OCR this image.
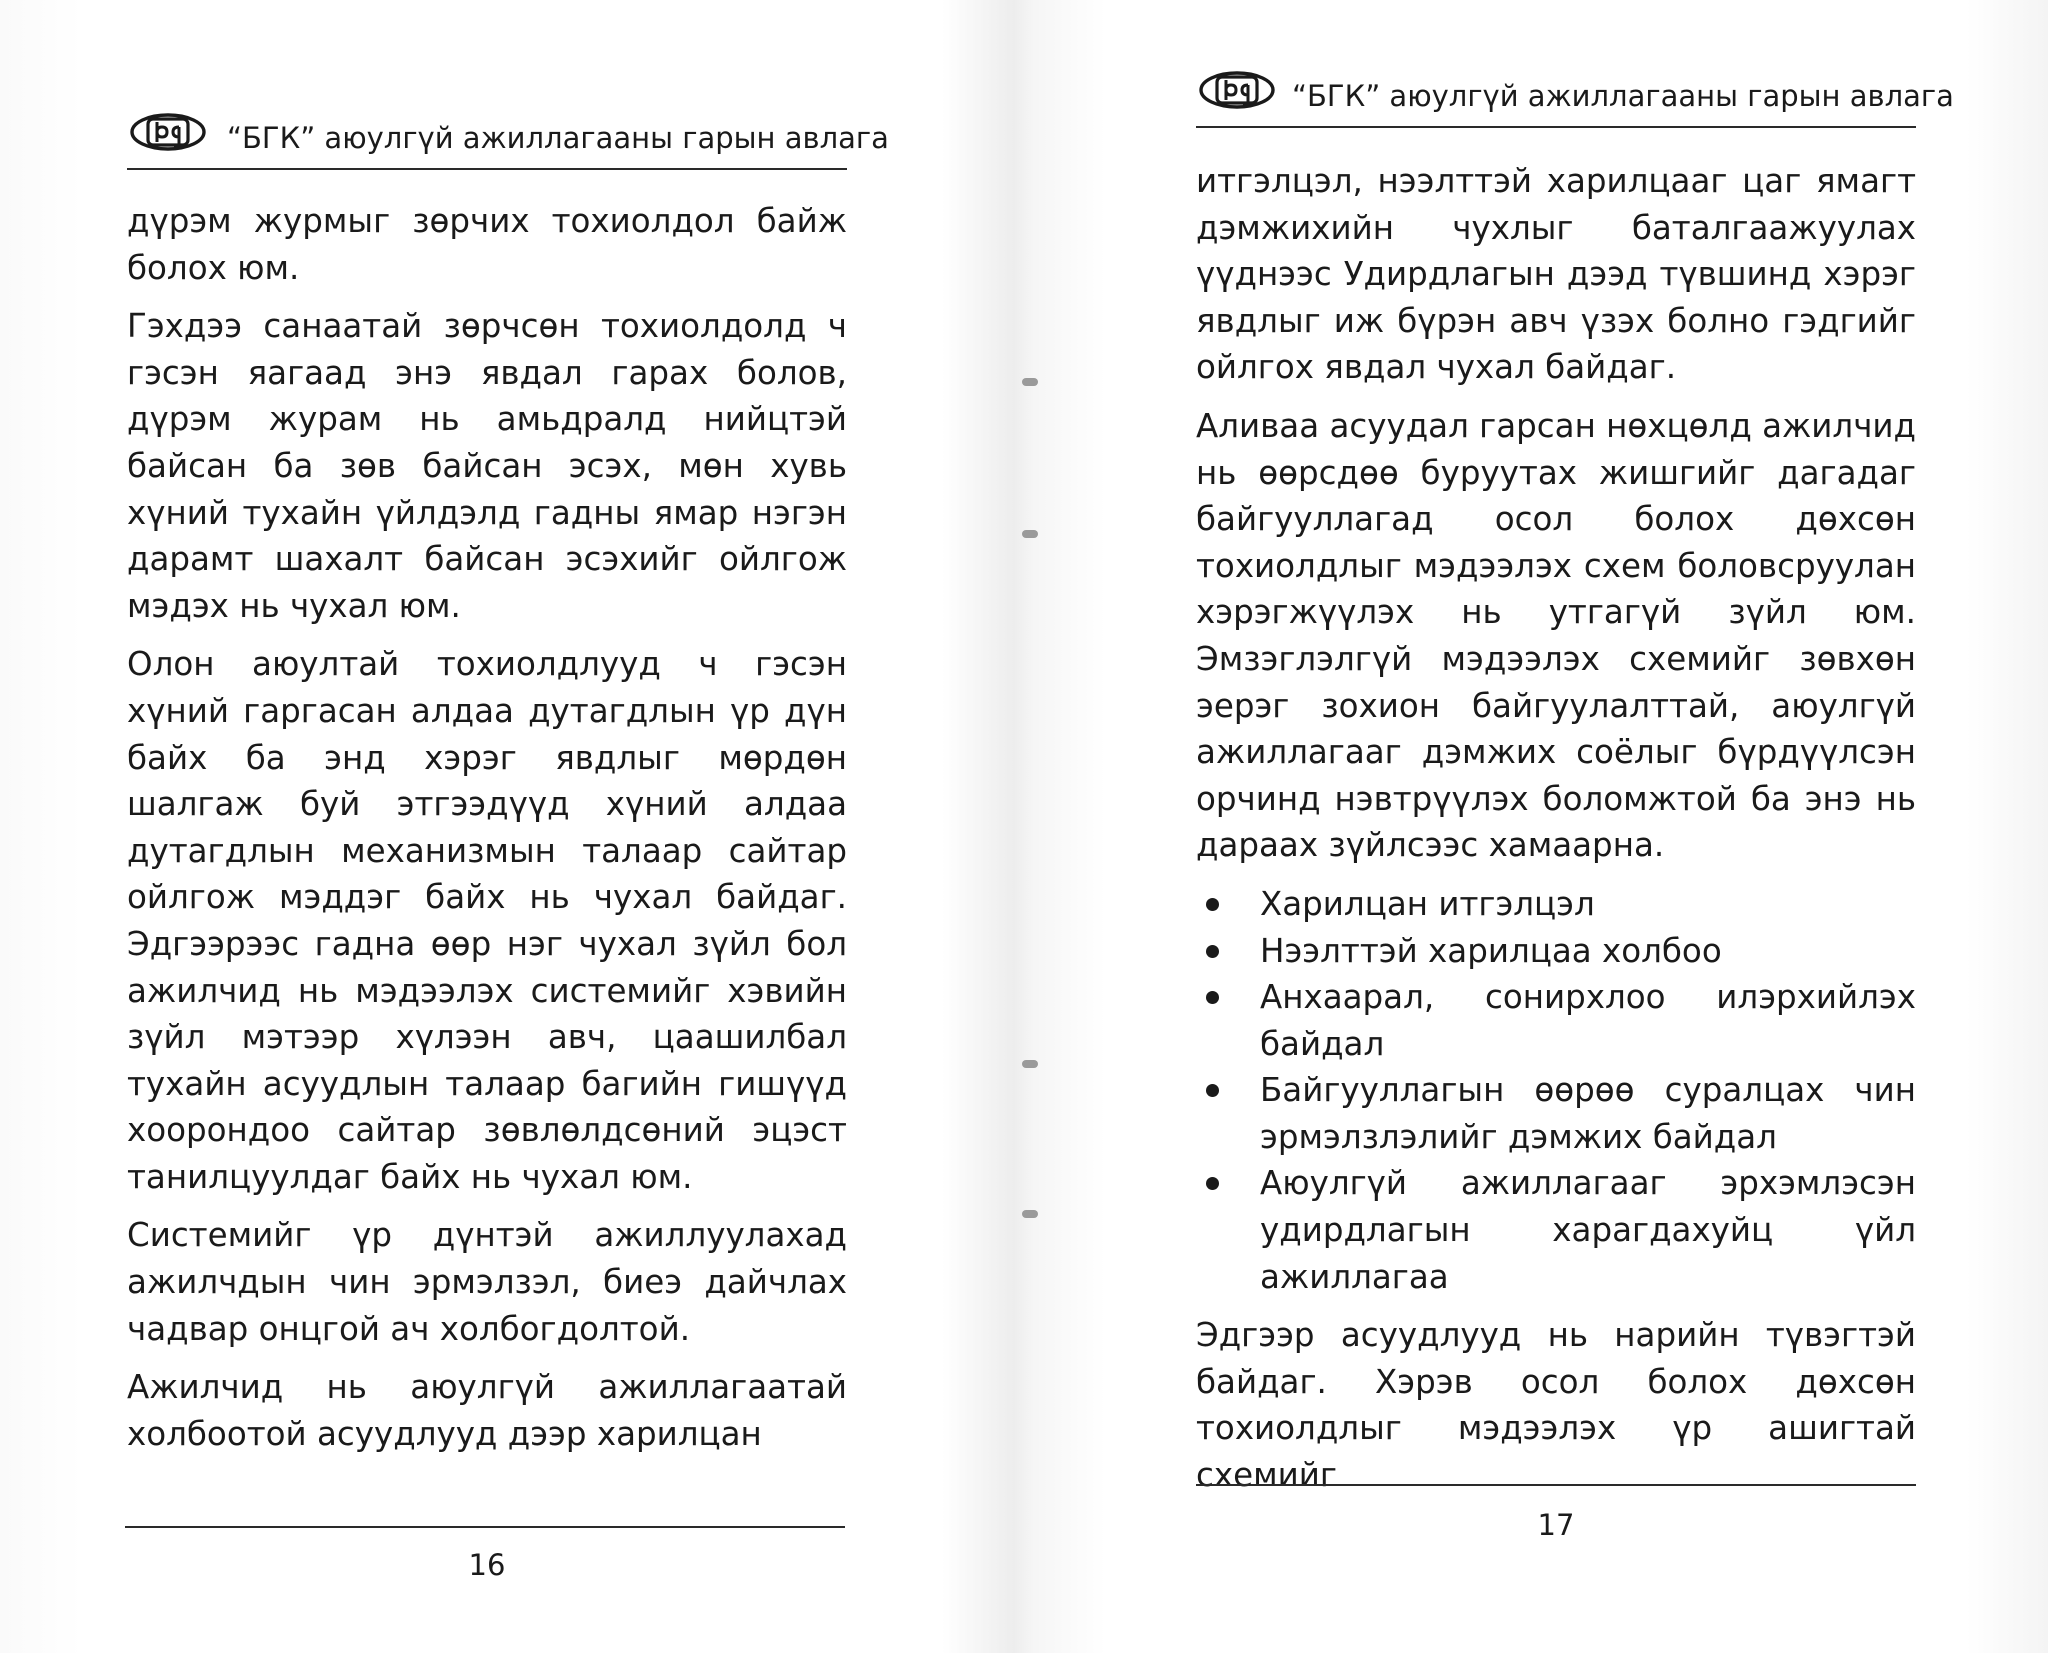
“БГК” аюулгүй ажиллагааны гарын авлага

дүрэм журмыг зөрчих тохиолдол байж болох юм.

Гэхдээ санаатай зөрчсөн тохиолдолд ч гэсэн яагаад энэ явдал гарах болов, дүрэм журам нь амьдралд нийцтэй байсан ба зөв байсан эсэх, мөн хувь хүний тухайн үйлдэлд гадны ямар нэгэн дарамт шахалт байсан эсэхийг ойлгож мэдэх нь чухал юм.

Олон аюултай тохиолдлууд ч гэсэн хүний гаргасан алдаа дутагдлын үр дүн байх ба энд хэрэг явдлыг мөрдөн шалгаж буй этгээдүүд хүний алдаа дутагдлын механизмын талаар сайтар ойлгож мэддэг байх нь чухал байдаг. Эдгээрээс гадна өөр нэг чухал зүйл бол ажилчид нь мэдээлэх системийг хэвийн зүйл мэтээр хүлээн авч, цаашилбал тухайн асуудлын талаар багийн гишүүд хоорондоо сайтар зөвлөлдсөний эцэст танилцуулдаг байх нь чухал юм.

Системийг үр дүнтэй ажиллуулахад ажилчдын чин эрмэлзэл, биеэ дайчлах чадвар онцгой ач холбогдолтой.

Ажилчид нь аюулгүй ажиллагаатай холбоотой асуудлууд дээр харилцан

16
“БГК” аюулгүй ажиллагааны гарын авлага

итгэлцэл, нээлттэй харилцааг цаг ямагт дэмжихийн чухлыг баталгаажуулах үүднээс Удирдлагын дээд түвшинд хэрэг явдлыг иж бүрэн авч үзэх болно гэдгийг ойлгох явдал чухал байдаг.

Аливаа асуудал гарсан нөхцөлд ажилчид нь өөрсдөө буруутах жишгийг дагадаг байгууллагад осол болох дөхсөн тохиолдлыг мэдээлэх схем боловсруулан хэрэгжүүлэх нь утгагүй зүйл юм. Эмзэглэлгүй мэдээлэх схемийг зөвхөн эерэг зохион байгуулалттай, аюулгүй ажиллагааг дэмжих соёлыг бүрдүүлсэн орчинд нэвтрүүлэх боломжтой ба энэ нь дараах зүйлсээс хамаарна.

Харилцан итгэлцэл
Нээлттэй харилцаа холбоо
Анхаарал, сонирхлоо илэрхийлэх байдал
Байгууллагын өөрөө суралцах чин эрмэлзлэлийг дэмжих байдал
Аюулгүй ажиллагааг эрхэмлэсэн удирдлагын харагдахуйц үйл ажиллагаа

Эдгээр асуудлууд нь нарийн түвэгтэй байдаг. Хэрэв осол болох дөхсөн тохиолдлыг мэдээлэх үр ашигтай схемийг

17
